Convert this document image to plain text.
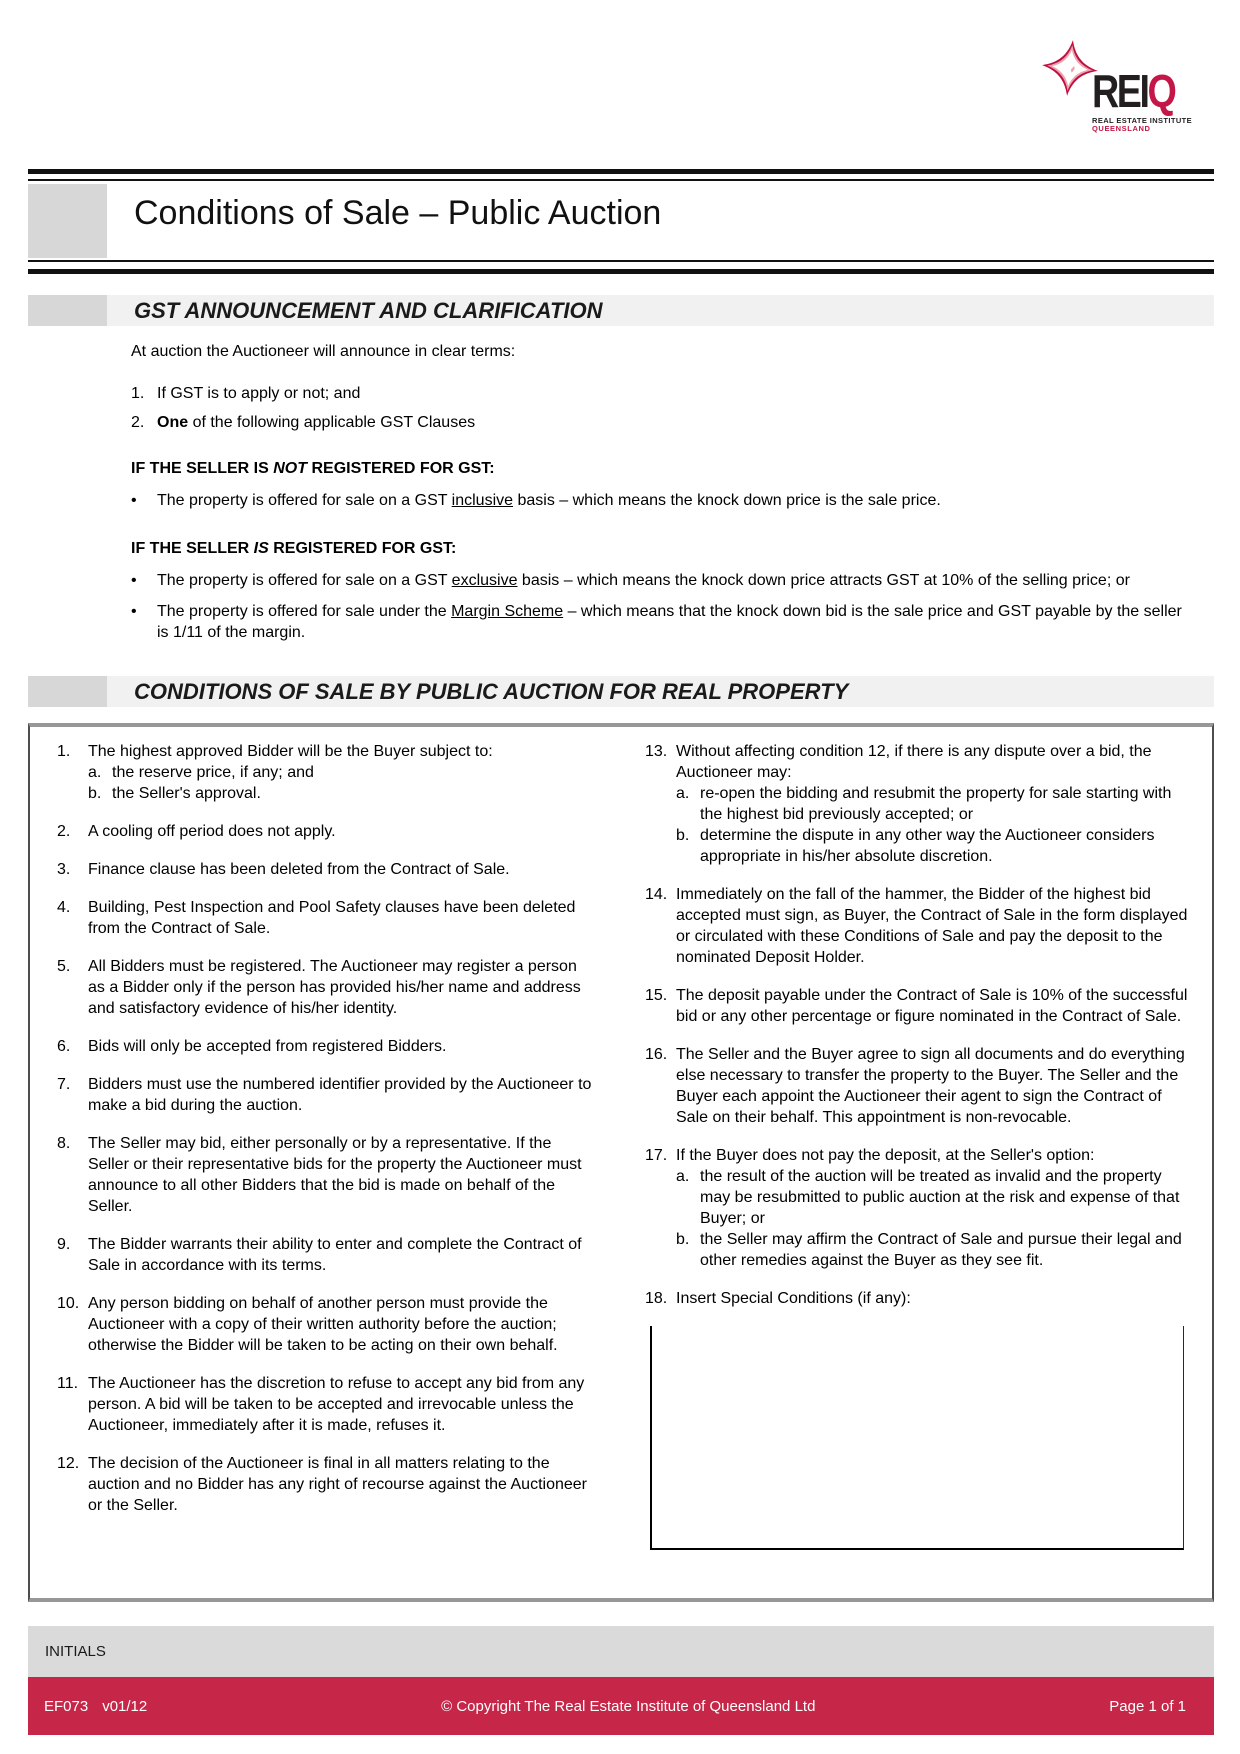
REIQ
REAL ESTATE INSTITUTE
QUEENSLAND
Conditions of Sale – Public Auction
GST ANNOUNCEMENT AND CLARIFICATION

At auction the Auctioneer will announce in clear terms:

1. If GST is to apply or not; and
2. One of the following applicable GST Clauses

IF THE SELLER IS NOT REGISTERED FOR GST:

•	The property is offered for sale on a GST inclusive basis – which means the knock down price is the sale price.

IF THE SELLER IS REGISTERED FOR GST:

•	The property is offered for sale on a GST exclusive basis – which means the knock down price attracts GST at 10% of the selling price; or
•	The property is offered for sale under the Margin Scheme – which means that the knock down bid is the sale price and GST payable by the seller is 1/11 of the margin.
CONDITIONS OF SALE BY PUBLIC AUCTION FOR REAL PROPERTY
1.	The highest approved Bidder will be the Buyer subject to:
a. the reserve price, if any; and
b. the Seller's approval.
2.	A cooling off period does not apply.
3.	Finance clause has been deleted from the Contract of Sale.
4.	Building, Pest Inspection and Pool Safety clauses have been deleted from the Contract of Sale.
5.	All Bidders must be registered. The Auctioneer may register a person as a Bidder only if the person has provided his/her name and address and satisfactory evidence of his/her identity.
6.	Bids will only be accepted from registered Bidders.
7.	Bidders must use the numbered identifier provided by the Auctioneer to make a bid during the auction.
8.	The Seller may bid, either personally or by a representative. If the Seller or their representative bids for the property the Auctioneer must announce to all other Bidders that the bid is made on behalf of the Seller.
9.	The Bidder warrants their ability to enter and complete the Contract of Sale in accordance with its terms.
10. Any person bidding on behalf of another person must provide the Auctioneer with a copy of their written authority before the auction; otherwise the Bidder will be taken to be acting on their own behalf.
11. The Auctioneer has the discretion to refuse to accept any bid from any person. A bid will be taken to be accepted and irrevocable unless the Auctioneer, immediately after it is made, refuses it.
12. The decision of the Auctioneer is final in all matters relating to the auction and no Bidder has any right of recourse against the Auctioneer or the Seller.
13. Without affecting condition 12, if there is any dispute over a bid, the Auctioneer may:
a. re-open the bidding and resubmit the property for sale starting with the highest bid previously accepted; or
b. determine the dispute in any other way the Auctioneer considers appropriate in his/her absolute discretion.
14. Immediately on the fall of the hammer, the Bidder of the highest bid accepted must sign, as Buyer, the Contract of Sale in the form displayed or circulated with these Conditions of Sale and pay the deposit to the nominated Deposit Holder.
15. The deposit payable under the Contract of Sale is 10% of the successful bid or any other percentage or figure nominated in the Contract of Sale.
16. The Seller and the Buyer agree to sign all documents and do everything else necessary to transfer the property to the Buyer. The Seller and the Buyer each appoint the Auctioneer their agent to sign the Contract of Sale on their behalf. This appointment is non-revocable.
17. If the Buyer does not pay the deposit, at the Seller's option:
a. the result of the auction will be treated as invalid and the property may be resubmitted to public auction at the risk and expense of that Buyer; or
b. the Seller may affirm the Contract of Sale and pursue their legal and other remedies against the Buyer as they see fit.
18. Insert Special Conditions (if any):
INITIALS
EF073 v01/12	© Copyright The Real Estate Institute of Queensland Ltd	Page 1 of 1
